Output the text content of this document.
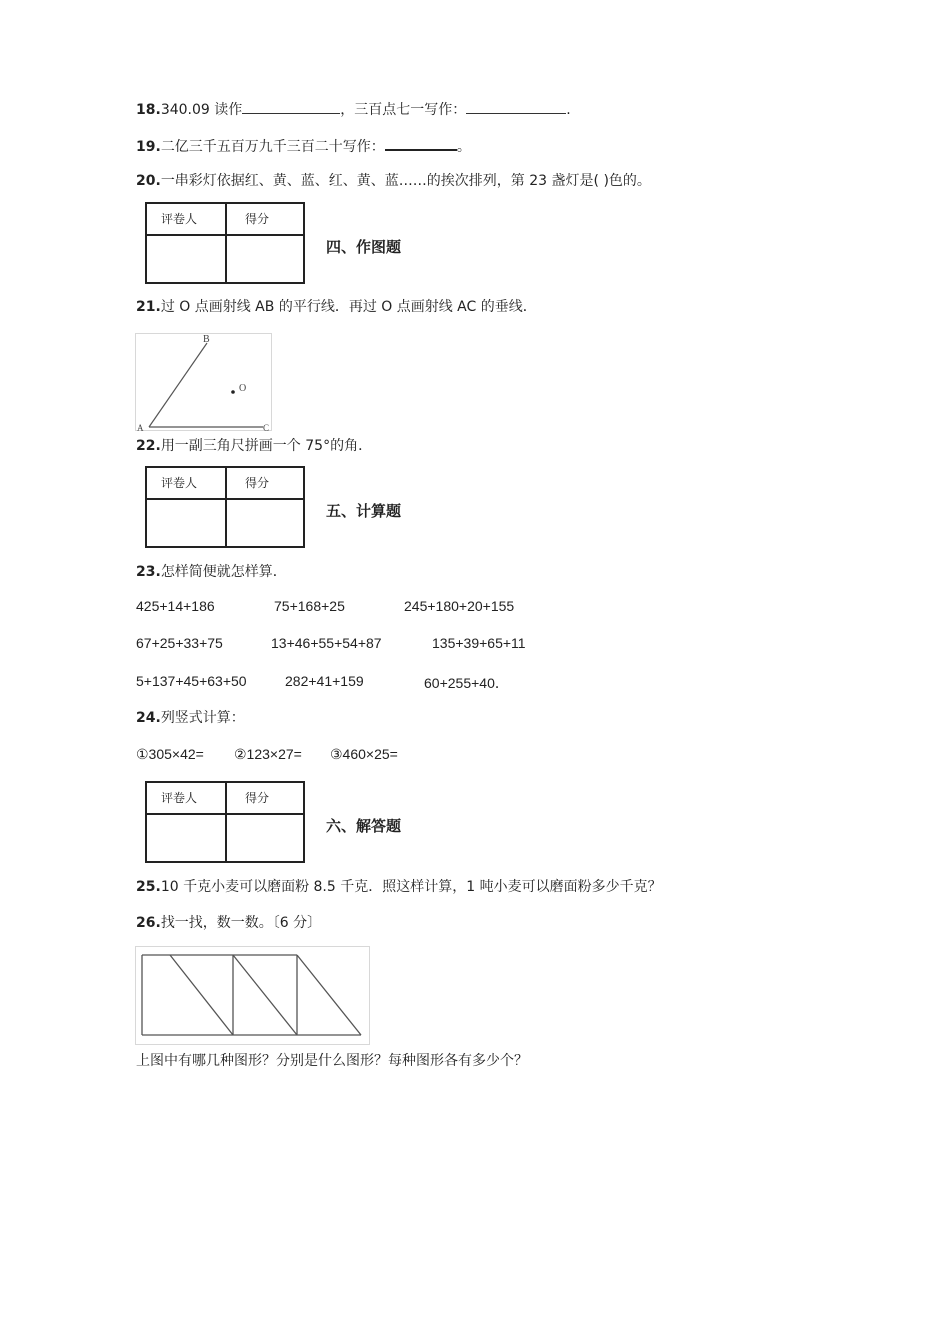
18.340.09 读作	，三百点七一写作：	.
19.二亿三千五百万九千三百二十写作：	。
20.一串彩灯依据红、黄、蓝、红、黄、蓝……的挨次排列，第 23 盏灯是( )色的。
评卷人	得分
四、作图题
21.过 O 点画射线 AB 的平行线．再过 O 点画射线 AC 的垂线．
B
O
A	C
22.用一副三角尺拼画一个 75°的角．
评卷人	得分
五、计算题
23.怎样简便就怎样算．
425+14+186	75+168+25	245+180+20+155
67+25+33+75	13+46+55+54+87	135+39+65+11
5+137+45+63+50	282+41+159	60+255+40．
24.列竖式计算：
①305×42= ②123×27= ③460×25=
评卷人	得分
六、解答题
25.10 千克小麦可以磨面粉 8.5 千克．照这样计算，1 吨小麦可以磨面粉多少千克？
26.找一找，数一数。〔6 分〕
上图中有哪几种图形？分别是什么图形？每种图形各有多少个？
